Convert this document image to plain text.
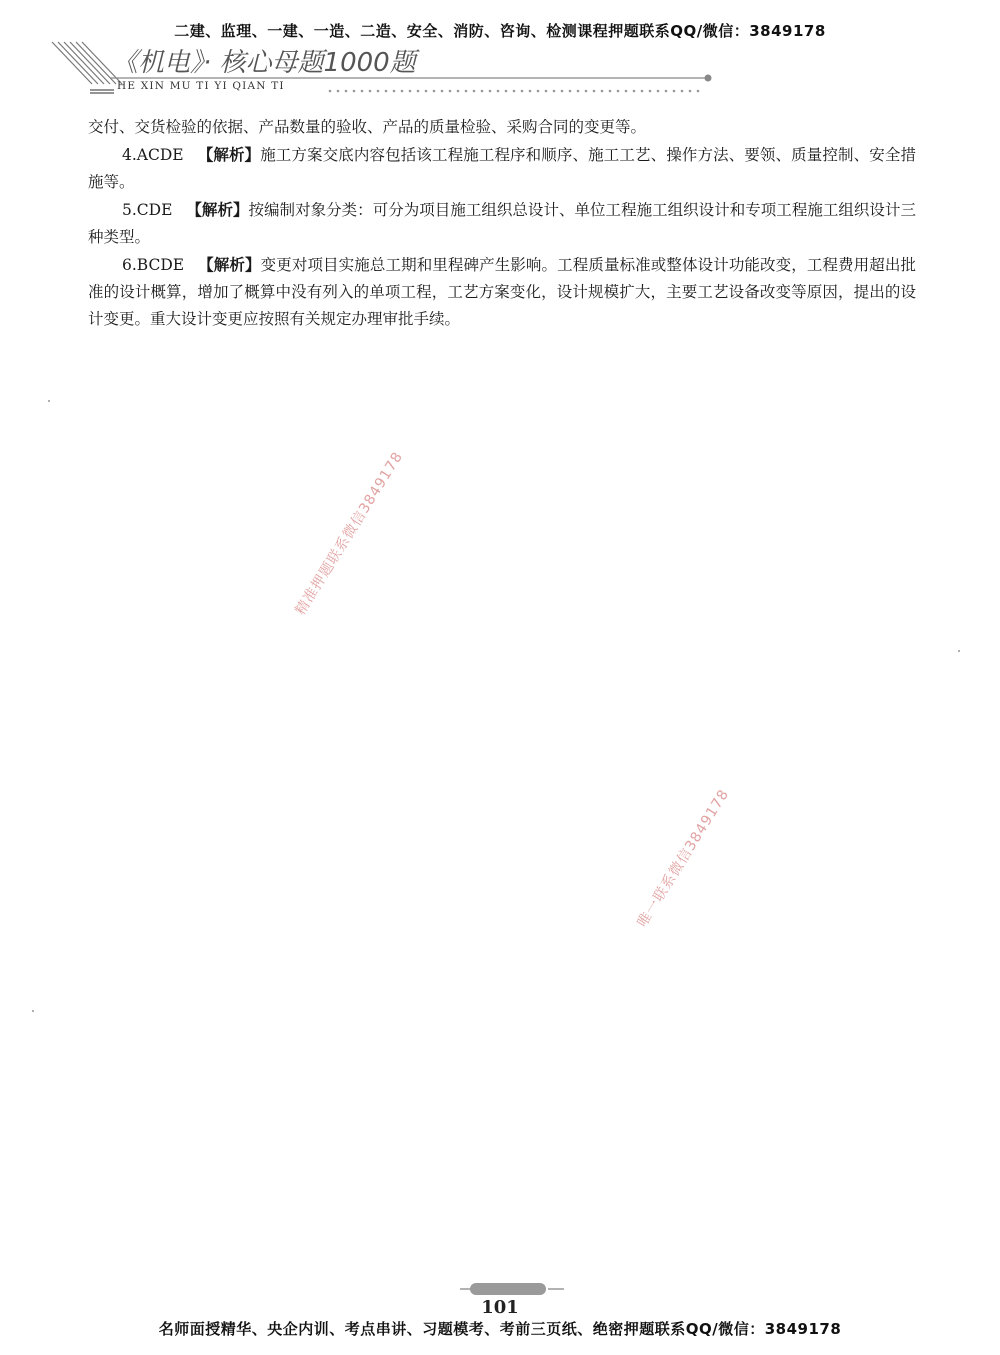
二建、监理、一建、一造、二造、安全、消防、咨询、检测课程押题联系QQ/微信：3849178
《机电》· 核心母题1000题
HE XIN MU TI YI QIAN TI

交付、交货检验的依据、产品数量的验收、产品的质量检验、采购合同的变更等。

4.ACDE 【解析】施工方案交底内容包括该工程施工程序和顺序、施工工艺、操作方法、要领、质量控制、安全措施等。

5.CDE 【解析】按编制对象分类：可分为项目施工组织总设计、单位工程施工组织设计和专项工程施工组织设计三种类型。

6.BCDE 【解析】变更对项目实施总工期和里程碑产生影响。工程质量标准或整体设计功能改变，工程费用超出批准的设计概算，增加了概算中没有列入的单项工程，工艺方案变化，设计规模扩大，主要工艺设备改变等原因，提出的设计变更。重大设计变更应按照有关规定办理审批手续。

精准押题联系微信3849178
唯一联系微信3849178
101
名师面授精华、央企内训、考点串讲、习题模考、考前三页纸、绝密押题联系QQ/微信：3849178
